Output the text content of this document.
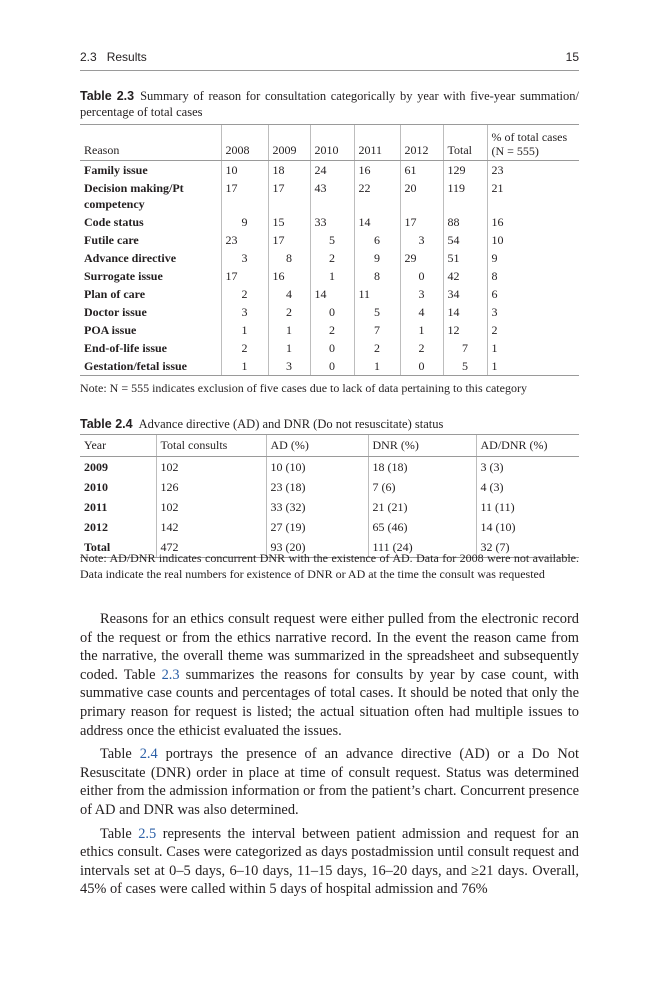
2.3 Results	15
Table 2.3 Summary of reason for consultation categorically by year with five-year summation/ percentage of total cases
Reason	2008	2009	2010	2011	2012	Total	% of total cases
(N = 555)

Family issue	10	18	24	16	61	129	23
Decision making/Pt competency	17	17	43	22	20	119	21
Code status	9	15	33	14	17	88	16
Futile care	23	17	5	6	3	54	10
Advance directive	3	8	2	9	29	51	9
Surrogate issue	17	16	1	8	0	42	8
Plan of care	2	4	14	11	3	34	6
Doctor issue	3	2	0	5	4	14	3
POA issue	1	1	2	7	1	12	2
End-of-life issue	2	1	0	2	2	7	1
Gestation/fetal issue	1	3	0	1	0	5	1
Note: N = 555 indicates exclusion of five cases due to lack of data pertaining to this category
Table 2.4 Advance directive (AD) and DNR (Do not resuscitate) status
Year	Total consults	AD (%)	DNR (%)	AD/DNR (%)
2009	102	10 (10)	18 (18)	3 (3)
2010	126	23 (18)	7 (6)	4 (3)
2011	102	33 (32)	21 (21)	11 (11)
2012	142	27 (19)	65 (46)	14 (10)
Total	472	93 (20)	111 (24)	32 (7)
Note: AD/DNR indicates concurrent DNR with the existence of AD. Data for 2008 were not available. Data indicate the real numbers for existence of DNR or AD at the time the consult was requested

Reasons for an ethics consult request were either pulled from the electronic record of the request or from the ethics narrative record. In the event the reason came from the narrative, the overall theme was summarized in the spreadsheet and subsequently coded. Table 2.3 summarizes the reasons for consults by year by case count, with summative case counts and percentages of total cases. It should be noted that only the primary reason for request is listed; the actual situation often had multiple issues to address once the ethicist evaluated the issues.

Table 2.4 portrays the presence of an advance directive (AD) or a Do Not Resuscitate (DNR) order in place at time of consult request. Status was determined either from the admission information or from the patient’s chart. Concurrent presence of AD and DNR was also determined.

Table 2.5 represents the interval between patient admission and request for an ethics consult. Cases were categorized as days postadmission until consult request and intervals set at 0–5 days, 6–10 days, 11–15 days, 16–20 days, and ≥21 days. Overall, 45% of cases were called within 5 days of hospital admission and 76%
